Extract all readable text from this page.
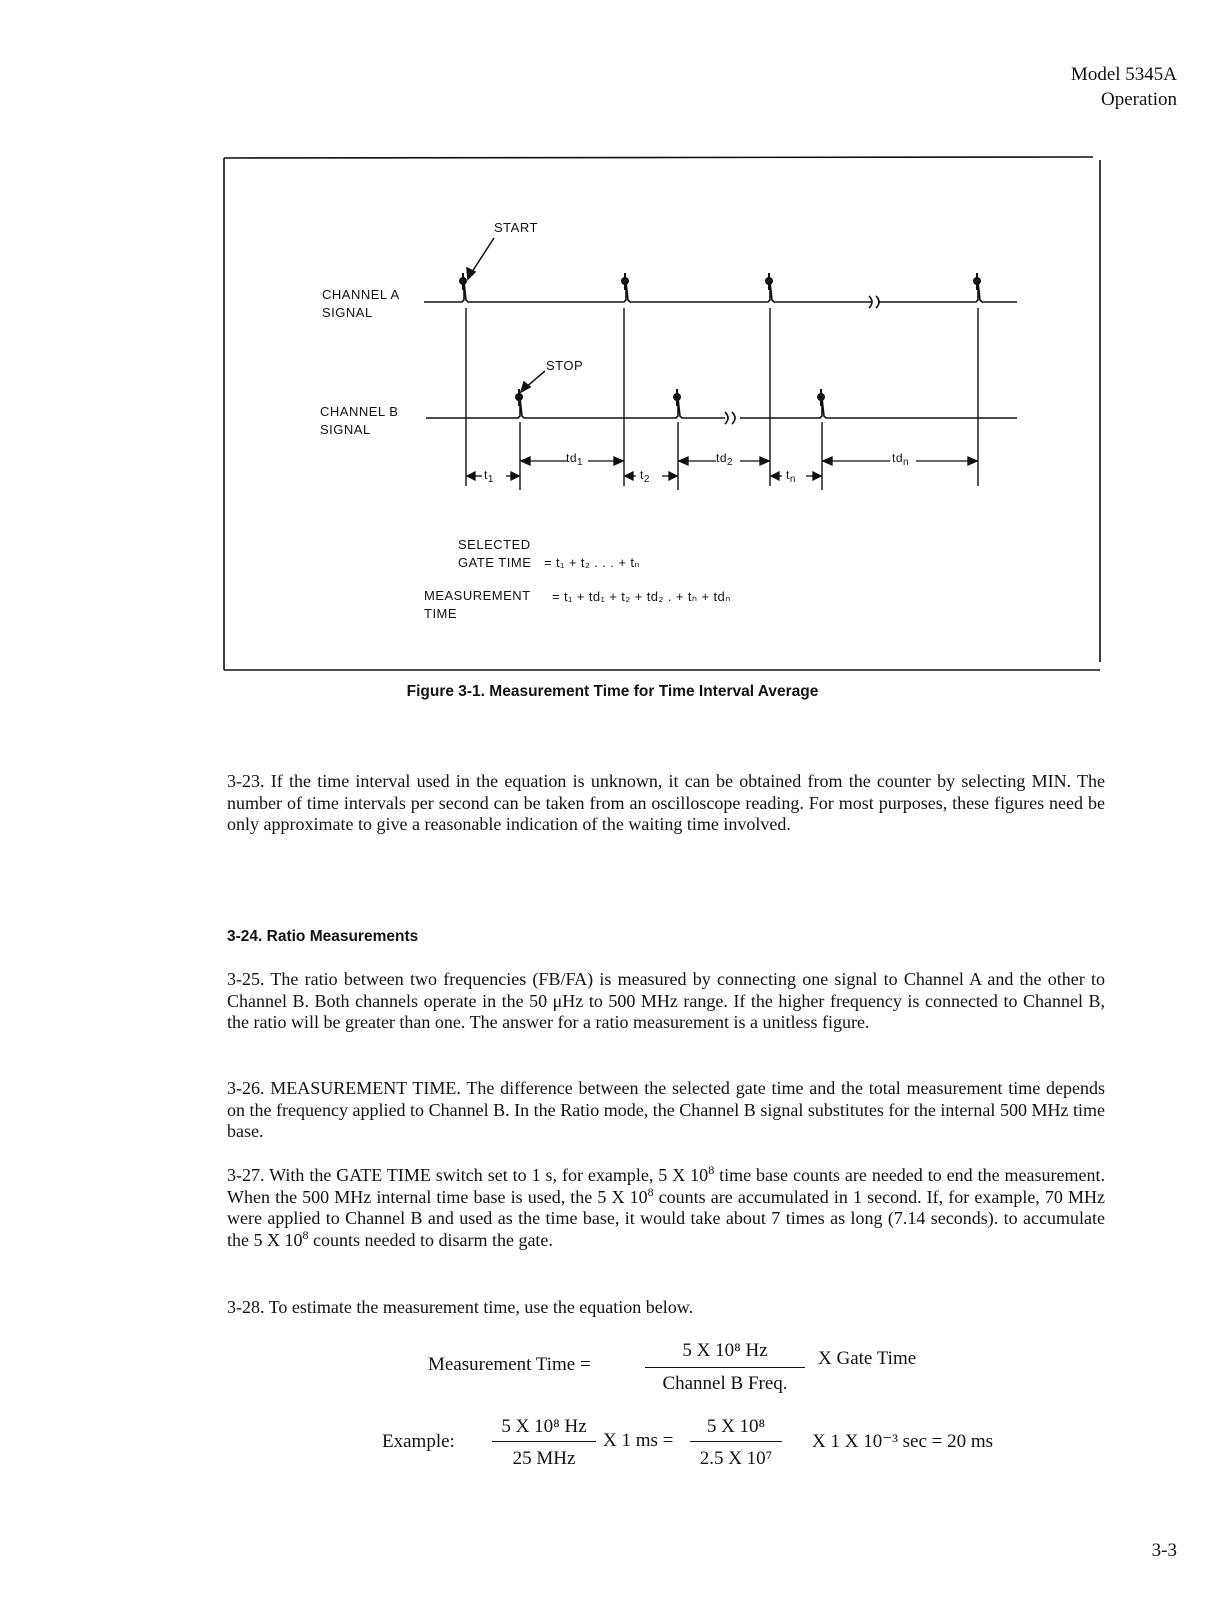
Model 5345A
Operation
START
STOP
CHANNEL A
SIGNAL
CHANNEL B
SIGNAL
$t_1$
$td_1$
$t_2$
$td_2$
$t_n$
$td_n$
SELECTED
GATE TIME = t₁ + t₂ . . . + tₙ
MEASUREMENT
TIME
= t₁ + td₁ + t₂ + td₂ . + tₙ + tdₙ
Figure 3-1. Measurement Time for Time Interval Average
3-23. If the time interval used in the equation is unknown, it can be obtained from the counter by selecting MIN. The number of time intervals per second can be taken from an oscilloscope reading. For most purposes, these figures need be only approximate to give a reasonable indication of the waiting time involved.
3-24. Ratio Measurements
3-25. The ratio between two frequencies (FB/FA) is measured by connecting one signal to Channel A and the other to Channel B. Both channels operate in the 50 μHz to 500 MHz range. If the higher frequency is connected to Channel B, the ratio will be greater than one. The answer for a ratio measurement is a unitless figure.
3-26. MEASUREMENT TIME. The difference between the selected gate time and the total measurement time depends on the frequency applied to Channel B. In the Ratio mode, the Channel B signal substitutes for the internal 500 MHz time base.
3-27. With the GATE TIME switch set to 1 s, for example, 5 X $10^8$ time base counts are needed to end the measurement. When the 500 MHz internal time base is used, the 5 X $10^8$ counts are accumulated in 1 second. If, for example, 70 MHz were applied to Channel B and used as the time base, it would take about 7 times as long (7.14 seconds). to accumulate the 5 X $10^8$ counts needed to disarm the gate.
3-28. To estimate the measurement time, use the equation below.
Measurement Time =
5 X 10⁸ Hz
Channel B Freq.
X Gate Time
Example:
5 X 10⁸ Hz
25 MHz
X 1 ms =
5 X 10⁸
2.5 X 10⁷
X 1 X 10⁻³ sec = 20 ms
3-3
